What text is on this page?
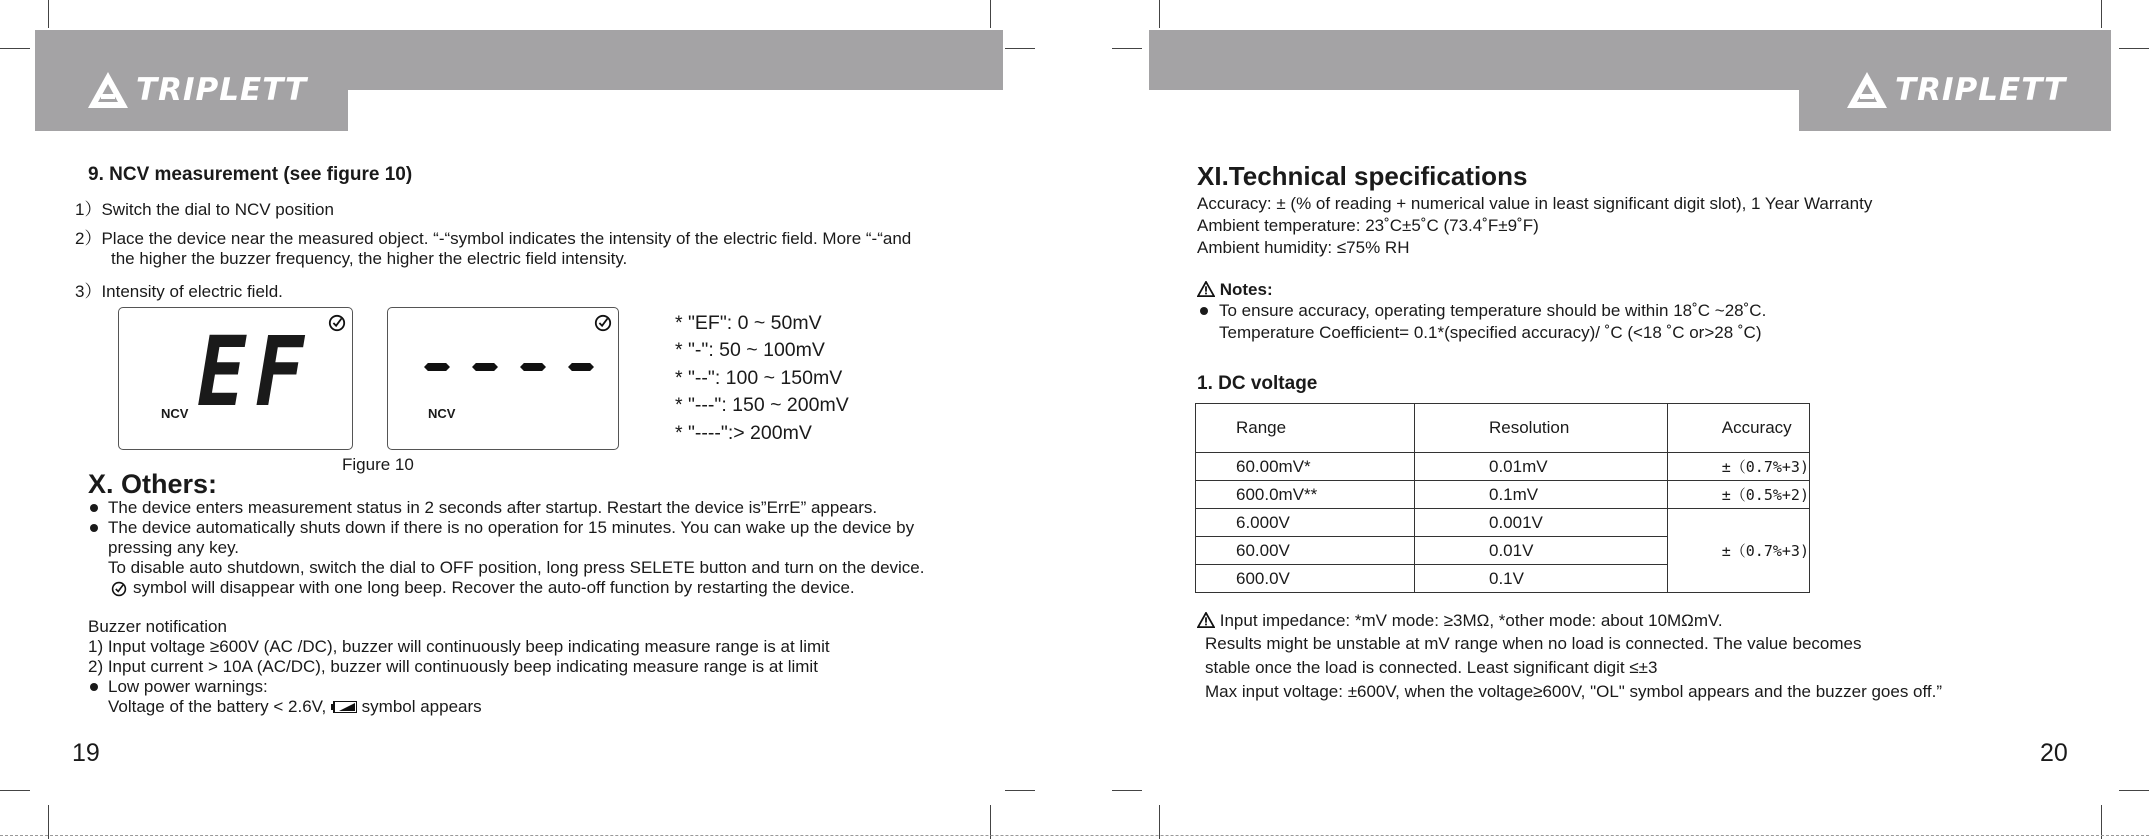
TRIPLETT	TRIPLETT
9. NCV measurement (see figure 10)
1）Switch the dial to NCV position
2）Place the device near the measured object. “-“symbol indicates the intensity of the electric field. More “-“and
the higher the buzzer frequency, the higher the electric field intensity.
3）Intensity of electric field.
EF
NCV	NCV
Figure 10
* "EF": 0 ~ 50mV
* "-": 50 ~ 100mV
* "--": 100 ~ 150mV
* "---": 150 ~ 200mV
* "----":> 200mV
X. Others:
The device enters measurement status in 2 seconds after startup. Restart the device is”ErrE” appears.
The device automatically shuts down if there is no operation for 15 minutes. You can wake up the device by
pressing any key.
To disable auto shutdown, switch the dial to OFF position, long press SELETE button and turn on the device.
symbol will disappear with one long beep. Recover the auto-off function by restarting the device.
Buzzer notification
1) Input voltage ≥600V (AC /DC), buzzer will continuously beep indicating measure range is at limit
2) Input current > 10A (AC/DC), buzzer will continuously beep indicating measure range is at limit
Low power warnings:
Voltage of the battery < 2.6V, symbol appears
19
XI.Technical specifications
Accuracy: ± (% of reading + numerical value in least significant digit slot), 1 Year Warranty
Ambient temperature: 23˚C±5˚C (73.4˚F±9˚F)
Ambient humidity: ≤75% RH
Notes:
To ensure accuracy, operating temperature should be within 18˚C ~28˚C.
Temperature Coefficient= 0.1*(specified accuracy)/ ˚C (<18 ˚C or>28 ˚C)
1. DC voltage
Range	Resolution	Accuracy
60.00mV*	0.01mV	±（0.7%+3)
600.0mV**	0.1mV	±（0.5%+2)
6.000V	0.001V	±（0.7%+3)
60.00V	0.01V	
600.0V	0.1V	
Input impedance: *mV mode: ≥3MΩ, *other mode: about 10MΩmV.
Results might be unstable at mV range when no load is connected. The value becomes
stable once the load is connected. Least significant digit ≤±3
Max input voltage: ±600V, when the voltage≥600V, "OL" symbol appears and the buzzer goes off.”
20
